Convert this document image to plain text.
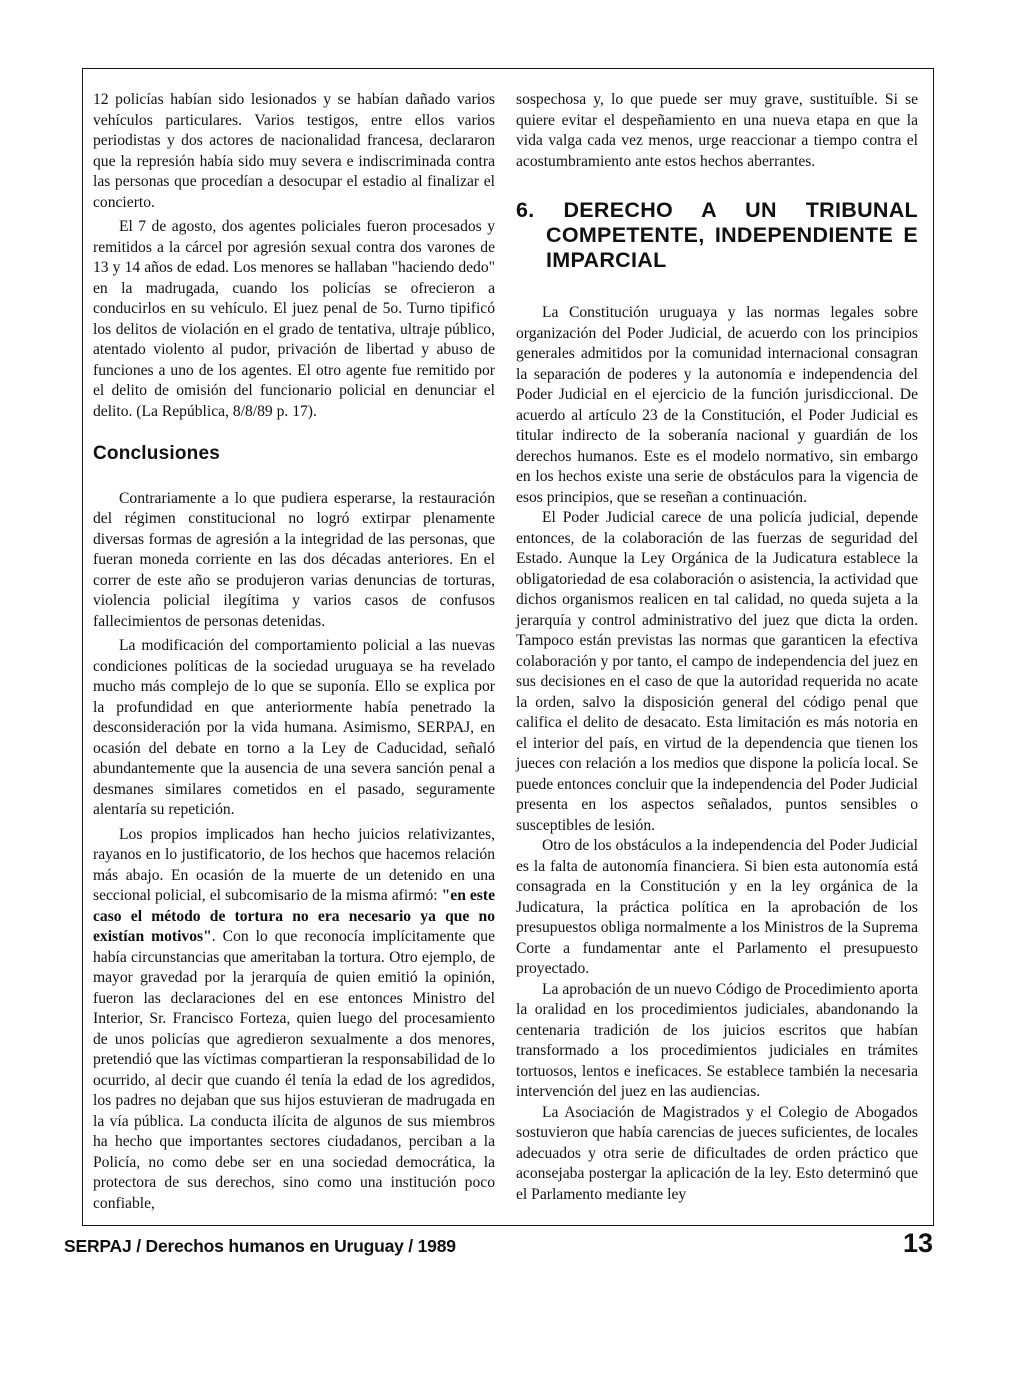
12 policías habían sido lesionados y se habían dañado varios vehículos particulares. Varios testigos, entre ellos varios periodistas y dos actores de nacionalidad francesa, declararon que la represión había sido muy severa e indiscriminada contra las personas que procedían a desocupar el estadio al finalizar el concierto.

El 7 de agosto, dos agentes policiales fueron procesados y remitidos a la cárcel por agresión sexual contra dos varones de 13 y 14 años de edad. Los menores se hallaban "haciendo dedo" en la madrugada, cuando los policías se ofrecieron a conducirlos en su vehículo. El juez penal de 5o. Turno tipificó los delitos de violación en el grado de tentativa, ultraje público, atentado violento al pudor, privación de libertad y abuso de funciones a uno de los agentes. El otro agente fue remitido por el delito de omisión del funcionario policial en denunciar el delito. (La República, 8/8/89 p. 17).

Conclusiones

Contrariamente a lo que pudiera esperarse, la restauración del régimen constitucional no logró extirpar plenamente diversas formas de agresión a la integridad de las personas, que fueran moneda corriente en las dos décadas anteriores. En el correr de este año se produjeron varias denuncias de torturas, violencia policial ilegítima y varios casos de confusos fallecimientos de personas detenidas.

La modificación del comportamiento policial a las nuevas condiciones políticas de la sociedad uruguaya se ha revelado mucho más complejo de lo que se suponía. Ello se explica por la profundidad en que anteriormente había penetrado la desconsideración por la vida humana. Asimismo, SERPAJ, en ocasión del debate en torno a la Ley de Caducidad, señaló abundantemente que la ausencia de una severa sanción penal a desmanes similares cometidos en el pasado, seguramente alentaría su repetición.

Los propios implicados han hecho juicios relativizantes, rayanos en lo justificatorio, de los hechos que hacemos relación más abajo. En ocasión de la muerte de un detenido en una seccional policial, el subcomisario de la misma afirmó: "en este caso el método de tortura no era necesario ya que no existían motivos". Con lo que reconocía implícitamente que había circunstancias que ameritaban la tortura. Otro ejemplo, de mayor gravedad por la jerarquía de quien emitió la opinión, fueron las declaraciones del en ese entonces Ministro del Interior, Sr. Francisco Forteza, quien luego del procesamiento de unos policías que agredieron sexualmente a dos menores, pretendió que las víctimas compartieran la responsabilidad de lo ocurrido, al decir que cuando él tenía la edad de los agredidos, los padres no dejaban que sus hijos estuvieran de madrugada en la vía pública. La conducta ilícita de algunos de sus miembros ha hecho que importantes sectores ciudadanos, perciban a la Policía, no como debe ser en una sociedad democrática, la protectora de sus derechos, sino como una institución poco confiable,

sospechosa y, lo que puede ser muy grave, sustituíble. Si se quiere evitar el despeñamiento en una nueva etapa en que la vida valga cada vez menos, urge reaccionar a tiempo contra el acostumbramiento ante estos hechos aberrantes.

6. DERECHO A UN TRIBUNAL COMPETENTE, INDEPENDIENTE E IMPARCIAL

La Constitución uruguaya y las normas legales sobre organización del Poder Judicial, de acuerdo con los principios generales admitidos por la comunidad internacional consagran la separación de poderes y la autonomía e independencia del Poder Judicial en el ejercicio de la función jurisdiccional. De acuerdo al artículo 23 de la Constitución, el Poder Judicial es titular indirecto de la soberanía nacional y guardián de los derechos humanos. Este es el modelo normativo, sin embargo en los hechos existe una serie de obstáculos para la vigencia de esos principios, que se reseñan a continuación.

El Poder Judicial carece de una policía judicial, depende entonces, de la colaboración de las fuerzas de seguridad del Estado. Aunque la Ley Orgánica de la Judicatura establece la obligatoriedad de esa colaboración o asistencia, la actividad que dichos organismos realicen en tal calidad, no queda sujeta a la jerarquía y control administrativo del juez que dicta la orden. Tampoco están previstas las normas que garanticen la efectiva colaboración y por tanto, el campo de independencia del juez en sus decisiones en el caso de que la autoridad requerida no acate la orden, salvo la disposición general del código penal que califica el delito de desacato. Esta limitación es más notoria en el interior del país, en virtud de la dependencia que tienen los jueces con relación a los medios que dispone la policía local. Se puede entonces concluir que la independencia del Poder Judicial presenta en los aspectos señalados, puntos sensibles o susceptibles de lesión.

Otro de los obstáculos a la independencia del Poder Judicial es la falta de autonomía financiera. Si bien esta autonomía está consagrada en la Constitución y en la ley orgánica de la Judicatura, la práctica política en la aprobación de los presupuestos obliga normalmente a los Ministros de la Suprema Corte a fundamentar ante el Parlamento el presupuesto proyectado.

La aprobación de un nuevo Código de Procedimiento aporta la oralidad en los procedimientos judiciales, abandonando la centenaria tradición de los juicios escritos que habían transformado a los procedimientos judiciales en trámites tortuosos, lentos e ineficaces. Se establece también la necesaria intervención del juez en las audiencias.

La Asociación de Magistrados y el Colegio de Abogados sostuvieron que había carencias de jueces suficientes, de locales adecuados y otra serie de dificultades de orden práctico que aconsejaba postergar la aplicación de la ley. Esto determinó que el Parlamento mediante ley

SERPAJ / Derechos humanos en Uruguay / 1989	13
